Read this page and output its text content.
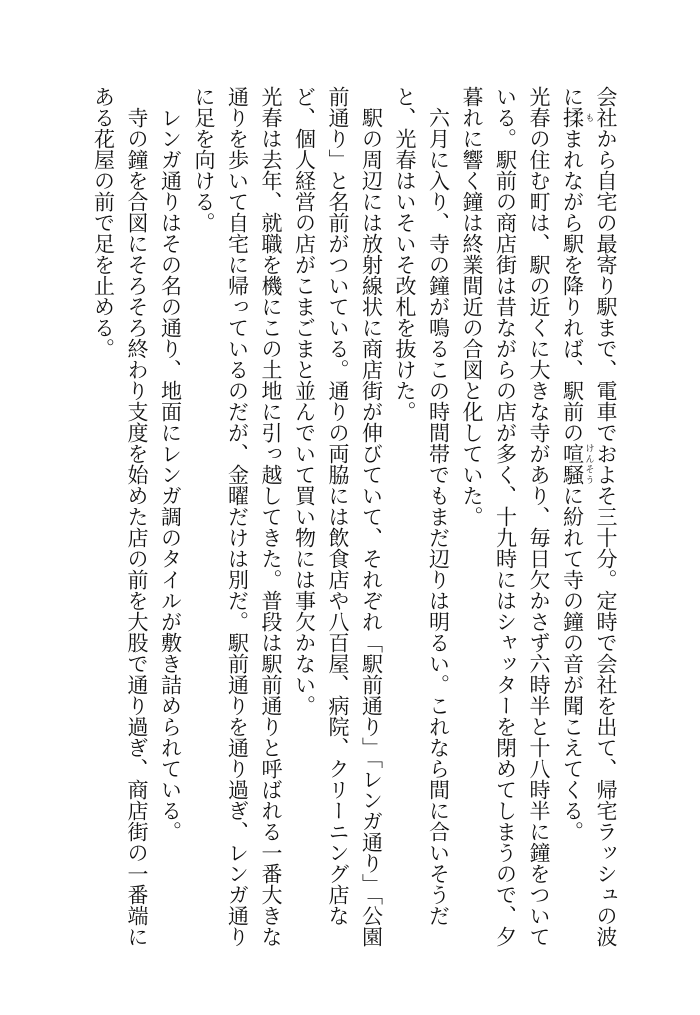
会社から自宅の最寄り駅まで、電車でおよそ三十分。定時で会社を出て、帰宅ラッシュの波に揉 もまれながら駅を降りれば、駅前の喧騒 けんそうに紛れて寺の鐘の音が聞こえてくる。

光春の住む町は、駅の近くに大きな寺があり、毎日欠かさず六時半と十八時半に鐘をついている。駅前の商店街は昔ながらの店が多く、十九時にはシャッターを閉めてしまうので、夕暮れに響く鐘は終業間近の合図と化していた。

六月に入り、寺の鐘が鳴るこの時間帯でもまだ辺りは明るい。これなら間に合いそうだと、光春はいそいそ改札を抜けた。

駅の周辺には放射線状に商店街が伸びていて、それぞれ「駅前通り」「レンガ通り」「公園前通り」と名前がついている。通りの両脇には飲食店や八百屋、病院、クリーニング店など、個人経営の店がこまごまと並んでいて買い物には事欠かない。

光春は去年、就職を機にこの土地に引っ越してきた。普段は駅前通りと呼ばれる一番大きな通りを歩いて自宅に帰っているのだが、金曜だけは別だ。駅前通りを通り過ぎ、レンガ通りに足を向ける。

レンガ通りはその名の通り、地面にレンガ調のタイルが敷き詰められている。

寺の鐘を合図にそろそろ終わり支度を始めた店の前を大股で通り過ぎ、商店街の一番端にある花屋の前で足を止める。
